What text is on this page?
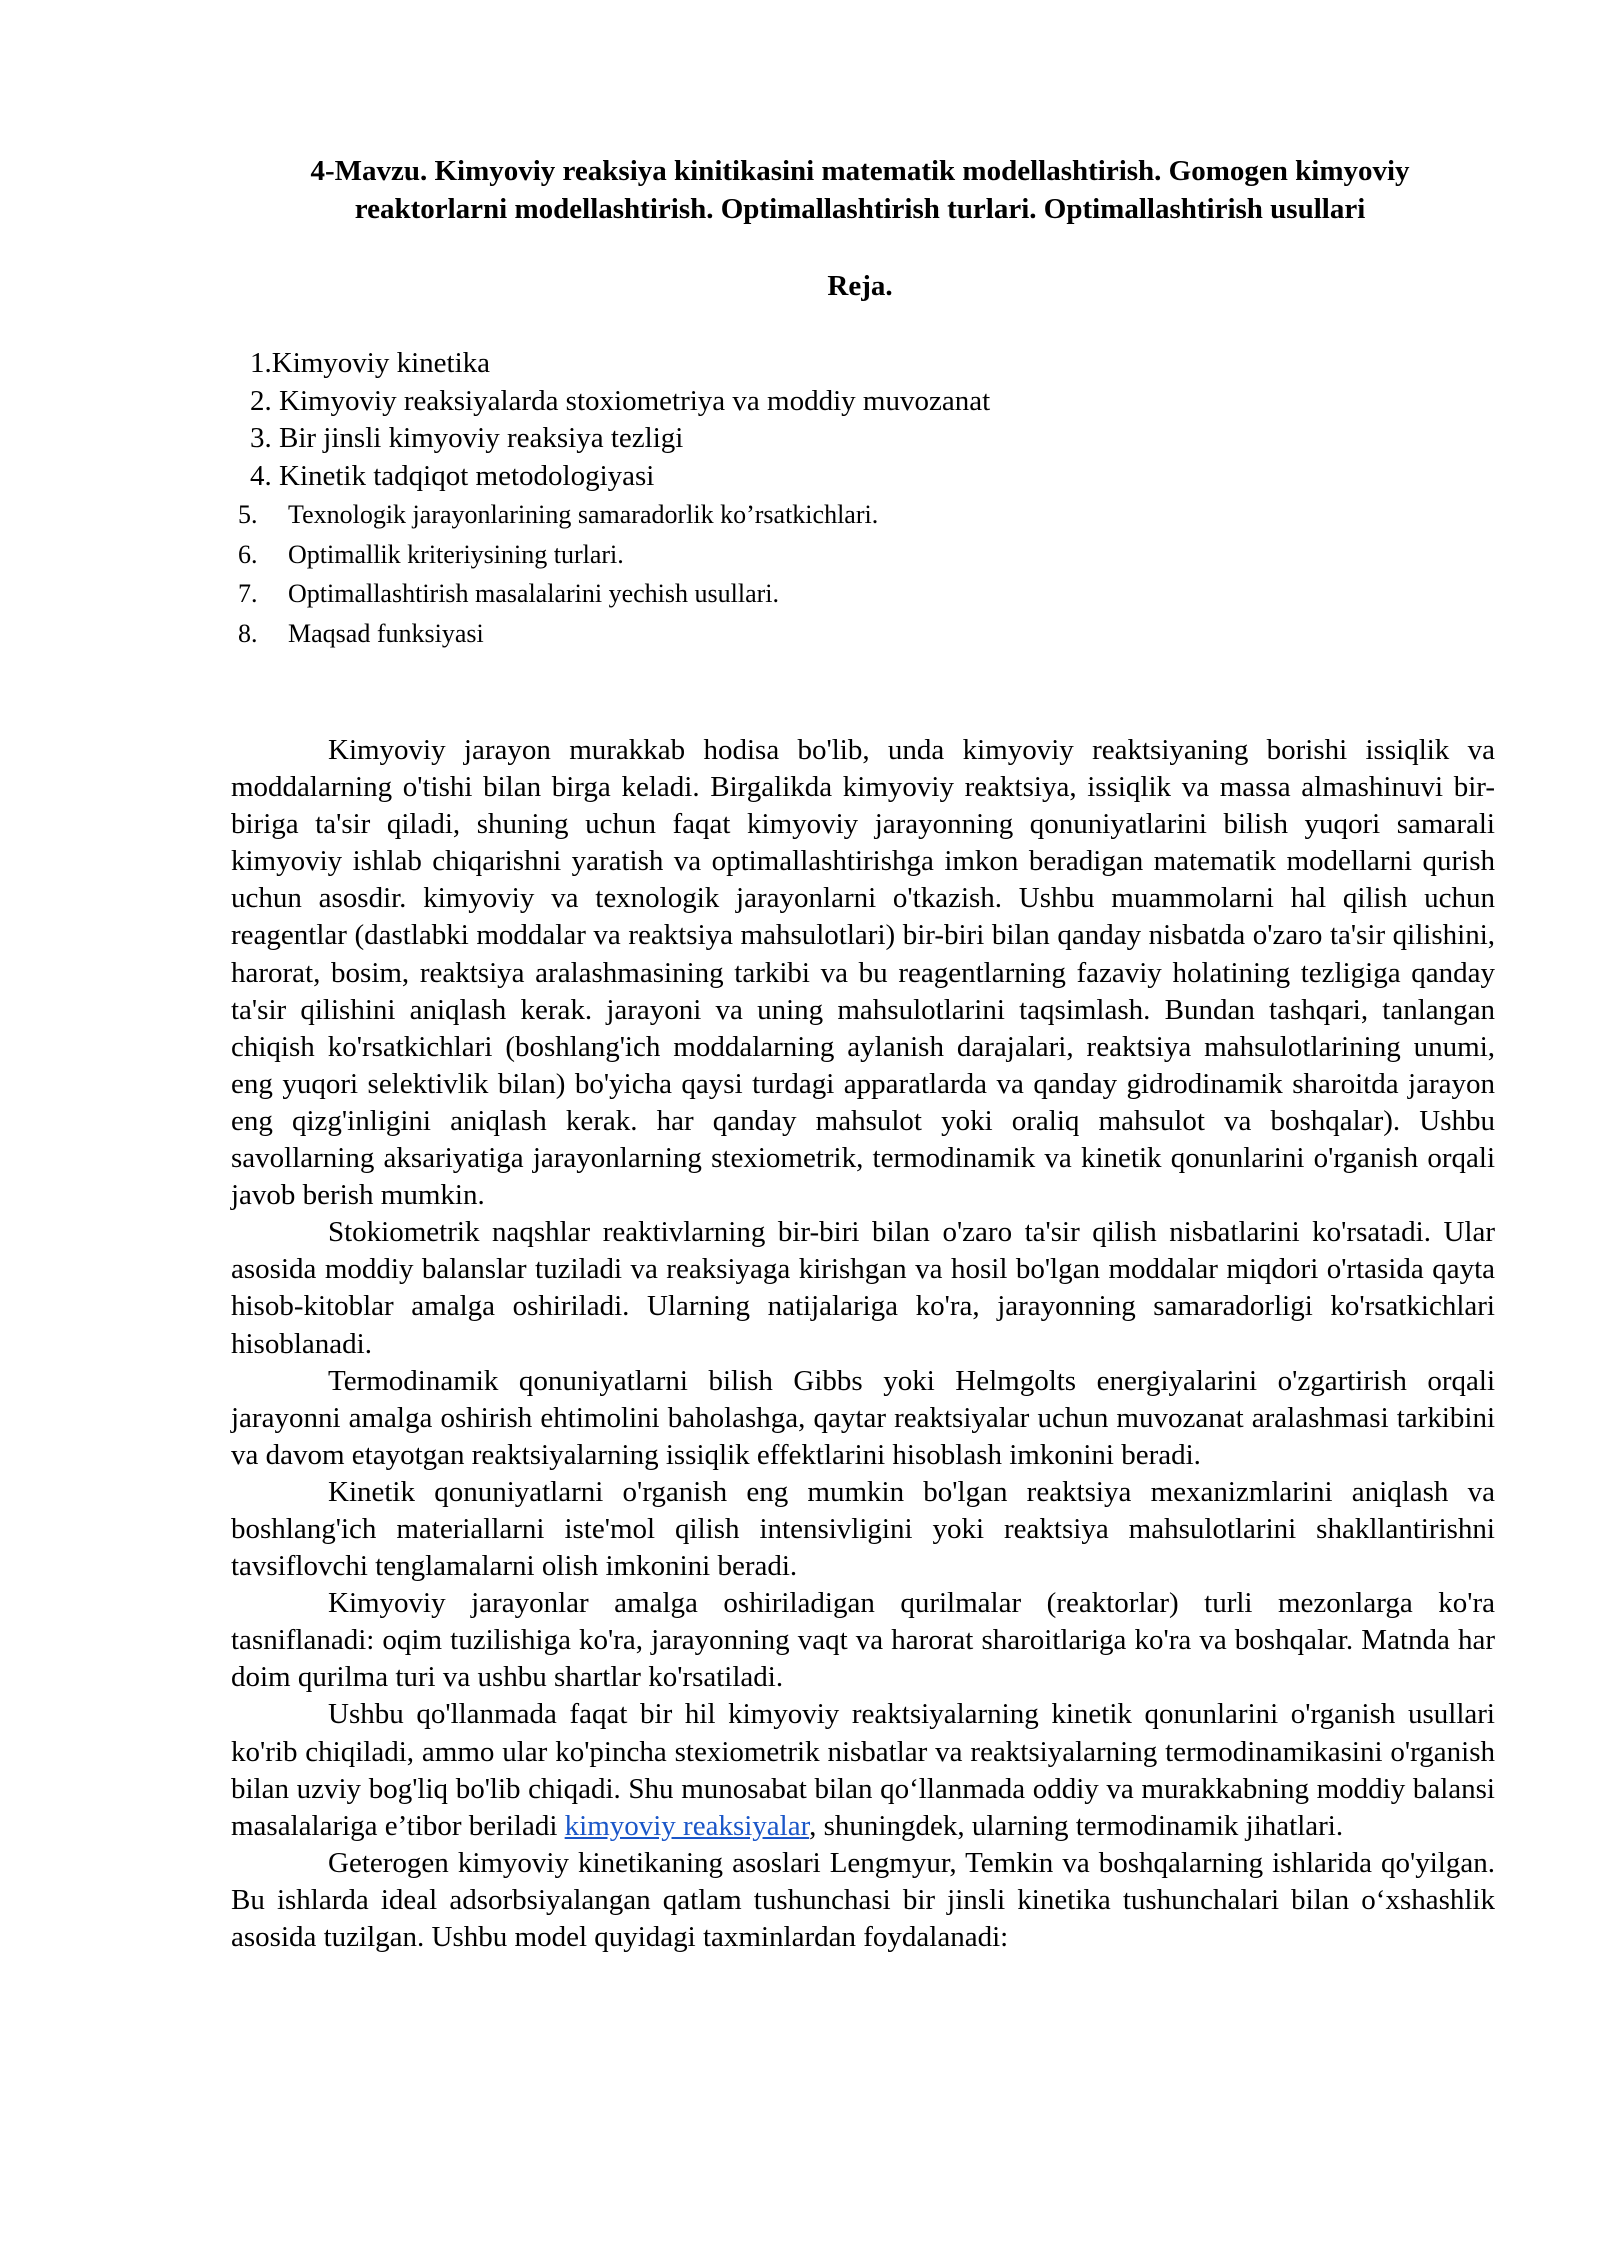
4-Mavzu. Kimyoviy reaksiya kinitikasini matematik modellashtirish. Gomogen kimyoviy
reaktorlarni modellashtirish. Optimallashtirish turlari. Optimallashtirish usullari
Reja.
1.Kimyoviy kinetika
2. Kimyoviy reaksiyalarda stoxiometriya va moddiy muvozanat
3. Bir jinsli kimyoviy reaksiya tezligi
4. Kinetik tadqiqot metodologiyasi
5. Texnologik jarayonlarining samaradorlik ko’rsatkichlari.
6. Optimallik kriteriysining turlari.
7. Optimallashtirish masalalarini yechish usullari.
8. Maqsad funksiyasi

Kimyoviy jarayon murakkab hodisa bo'lib, unda kimyoviy reaktsiyaning borishi issiqlik va moddalarning o'tishi bilan birga keladi. Birgalikda kimyoviy reaktsiya, issiqlik va massa almashinuvi bir-biriga ta'sir qiladi, shuning uchun faqat kimyoviy jarayonning qonuniyatlarini bilish yuqori samarali kimyoviy ishlab chiqarishni yaratish va optimallashtirishga imkon beradigan matematik modellarni qurish uchun asosdir. kimyoviy va texnologik jarayonlarni o'tkazish. Ushbu muammolarni hal qilish uchun reagentlar (dastlabki moddalar va reaktsiya mahsulotlari) bir-biri bilan qanday nisbatda o'zaro ta'sir qilishini, harorat, bosim, reaktsiya aralashmasining tarkibi va bu reagentlarning fazaviy holatining tezligiga qanday ta'sir qilishini aniqlash kerak. jarayoni va uning mahsulotlarini taqsimlash. Bundan tashqari, tanlangan chiqish ko'rsatkichlari (boshlang'ich moddalarning aylanish darajalari, reaktsiya mahsulotlarining unumi, eng yuqori selektivlik bilan) bo'yicha qaysi turdagi apparatlarda va qanday gidrodinamik sharoitda jarayon eng qizg'inligini aniqlash kerak. har qanday mahsulot yoki oraliq mahsulot va boshqalar). Ushbu savollarning aksariyatiga jarayonlarning stexiometrik, termodinamik va kinetik qonunlarini o'rganish orqali javob berish mumkin.

Stokiometrik naqshlar reaktivlarning bir-biri bilan o'zaro ta'sir qilish nisbatlarini ko'rsatadi. Ular asosida moddiy balanslar tuziladi va reaksiyaga kirishgan va hosil bo'lgan moddalar miqdori o'rtasida qayta hisob-kitoblar amalga oshiriladi. Ularning natijalariga ko'ra, jarayonning samaradorligi ko'rsatkichlari hisoblanadi.

Termodinamik qonuniyatlarni bilish Gibbs yoki Helmgolts energiyalarini o'zgartirish orqali jarayonni amalga oshirish ehtimolini baholashga, qaytar reaktsiyalar uchun muvozanat aralashmasi tarkibini va davom etayotgan reaktsiyalarning issiqlik effektlarini hisoblash imkonini beradi.

Kinetik qonuniyatlarni o'rganish eng mumkin bo'lgan reaktsiya mexanizmlarini aniqlash va boshlang'ich materiallarni iste'mol qilish intensivligini yoki reaktsiya mahsulotlarini shakllantirishni tavsiflovchi tenglamalarni olish imkonini beradi.

Kimyoviy jarayonlar amalga oshiriladigan qurilmalar (reaktorlar) turli mezonlarga ko'ra tasniflanadi: oqim tuzilishiga ko'ra, jarayonning vaqt va harorat sharoitlariga ko'ra va boshqalar. Matnda har doim qurilma turi va ushbu shartlar ko'rsatiladi.

Ushbu qo'llanmada faqat bir hil kimyoviy reaktsiyalarning kinetik qonunlarini o'rganish usullari ko'rib chiqiladi, ammo ular ko'pincha stexiometrik nisbatlar va reaktsiyalarning termodinamikasini o'rganish bilan uzviy bog'liq bo'lib chiqadi. Shu munosabat bilan qo‘llanmada oddiy va murakkabning moddiy balansi masalalariga e’tibor beriladi kimyoviy reaksiyalar, shuningdek, ularning termodinamik jihatlari.

Geterogen kimyoviy kinetikaning asoslari Lengmyur, Temkin va boshqalarning ishlarida qo'yilgan. Bu ishlarda ideal adsorbsiyalangan qatlam tushunchasi bir jinsli kinetika tushunchalari bilan o‘xshashlik asosida tuzilgan. Ushbu model quyidagi taxminlardan foydalanadi:
